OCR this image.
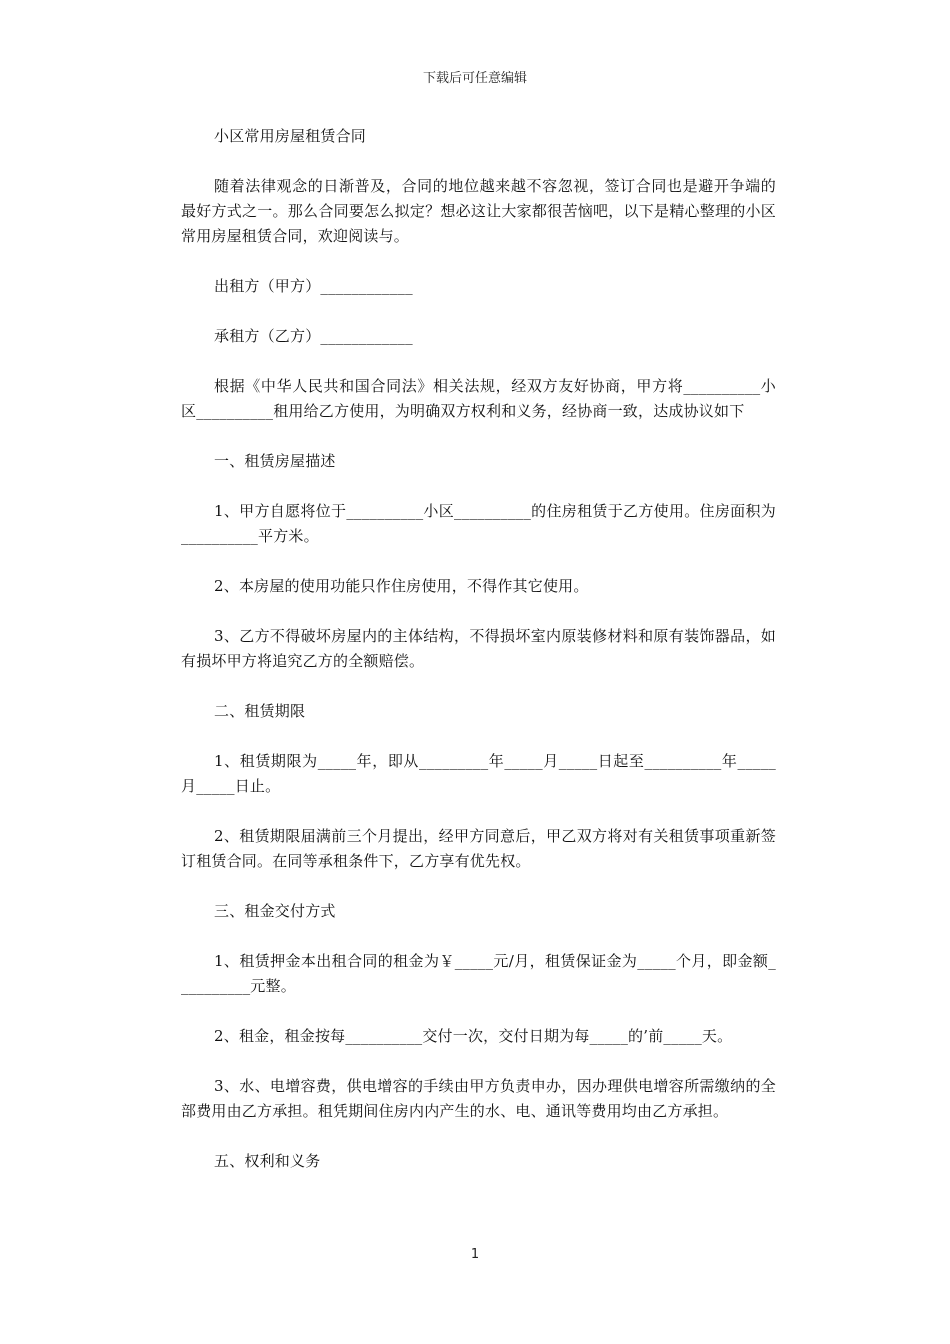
下载后可任意编辑

小区常用房屋租赁合同

随着法律观念的日渐普及，合同的地位越来越不容忽视，签订合同也是避开争端的最好方式之一。那么合同要怎么拟定？想必这让大家都很苦恼吧，以下是精心整理的小区常用房屋租赁合同，欢迎阅读与。

出租方（甲方）____________

承租方（乙方）____________

根据《中华人民共和国合同法》相关法规，经双方友好协商，甲方将__________小区__________租用给乙方使用，为明确双方权利和义务，经协商一致，达成协议如下

一、租赁房屋描述

1、甲方自愿将位于__________小区__________的住房租赁于乙方使用。住房面积为__________平方米。

2、本房屋的使用功能只作住房使用，不得作其它使用。

3、乙方不得破坏房屋内的主体结构，不得损坏室内原装修材料和原有装饰器品，如有损坏甲方将追究乙方的全额赔偿。

二、租赁期限

1、租赁期限为_____年，即从_________年_____月_____日起至__________年_____月_____日止。

2、租赁期限届满前三个月提出，经甲方同意后，甲乙双方将对有关租赁事项重新签订租赁合同。在同等承租条件下，乙方享有优先权。

三、租金交付方式

1、租赁押金本出租合同的租金为￥_____元/月，租赁保证金为_____个月，即金额__________元整。

2、租金，租金按每__________交付一次，交付日期为每_____的’前_____天。

3、水、电增容费，供电增容的手续由甲方负责申办，因办理供电增容所需缴纳的全部费用由乙方承担。租凭期间住房内内产生的水、电、通讯等费用均由乙方承担。

五、权利和义务

1
